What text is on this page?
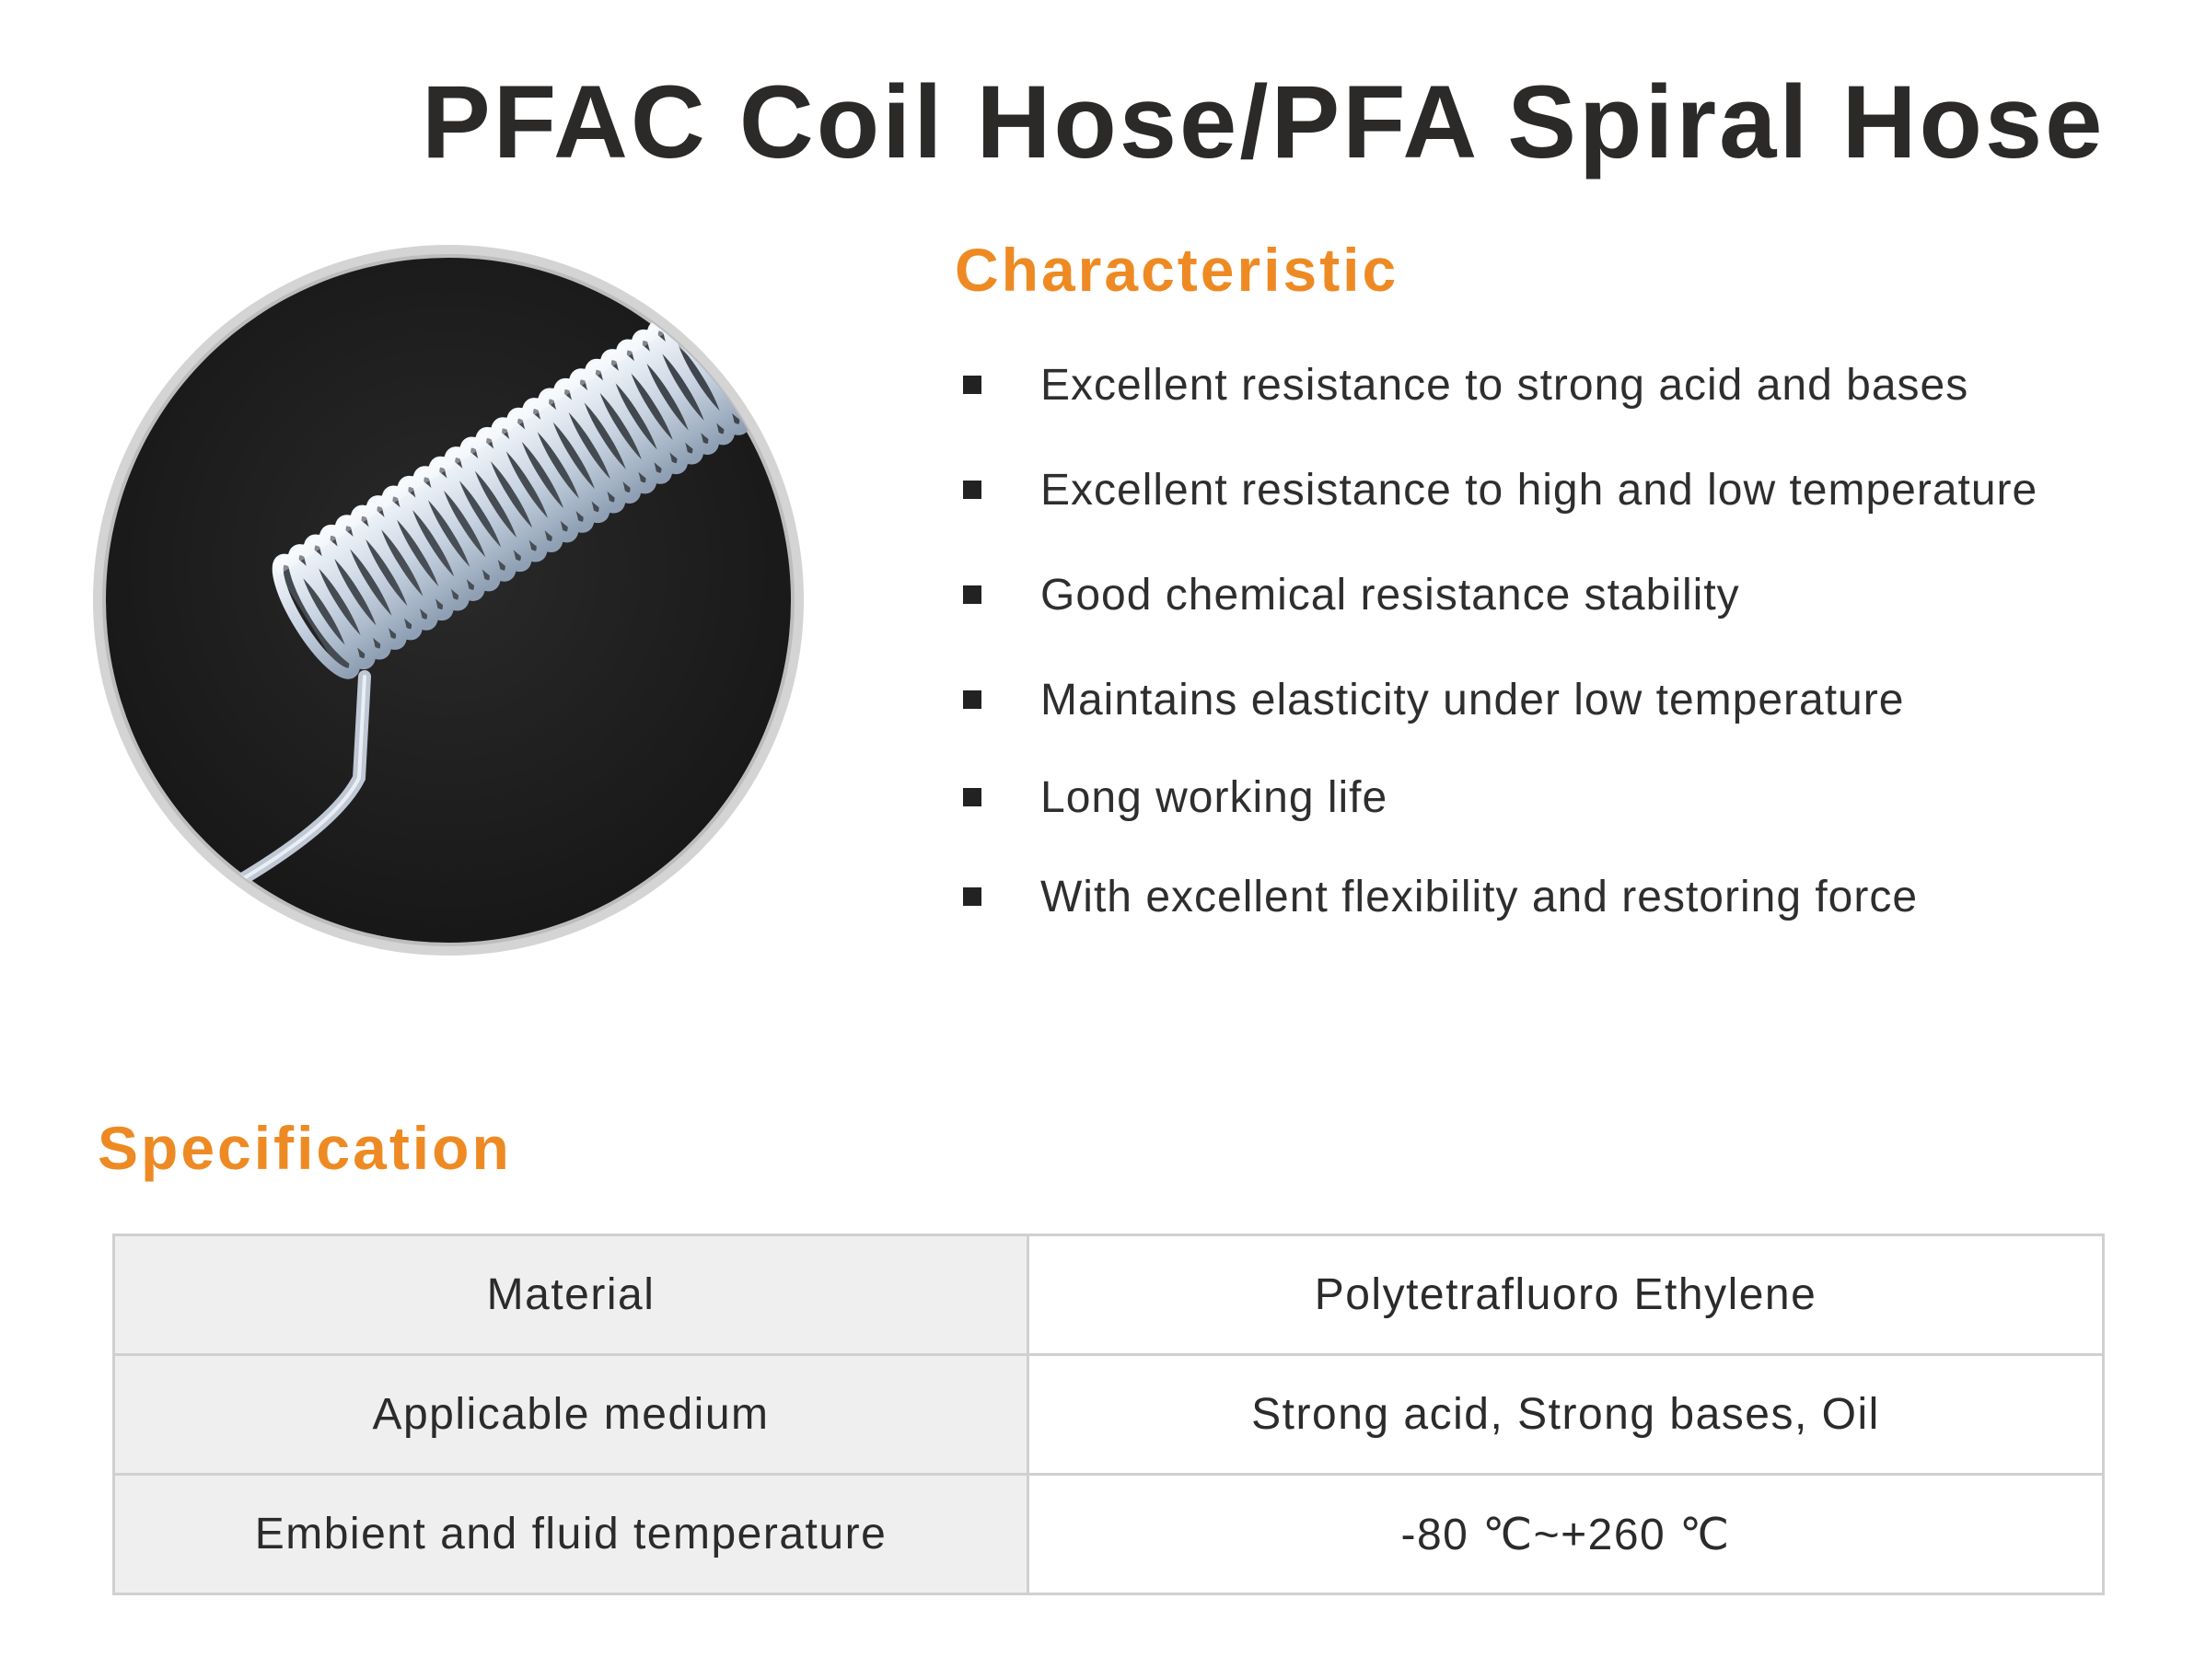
PFAC Coil Hose/PFA Spiral Hose
Characteristic
Excellent resistance to strong acid and bases
Excellent resistance to high and low temperature
Good chemical resistance stability
Maintains elasticity under low temperature
Long working life
With excellent flexibility and restoring force
Specification
Material	Polytetrafluoro Ethylene
Applicable medium	Strong acid, Strong bases, Oil
Embient and fluid temperature	-80 ℃~+260 ℃
